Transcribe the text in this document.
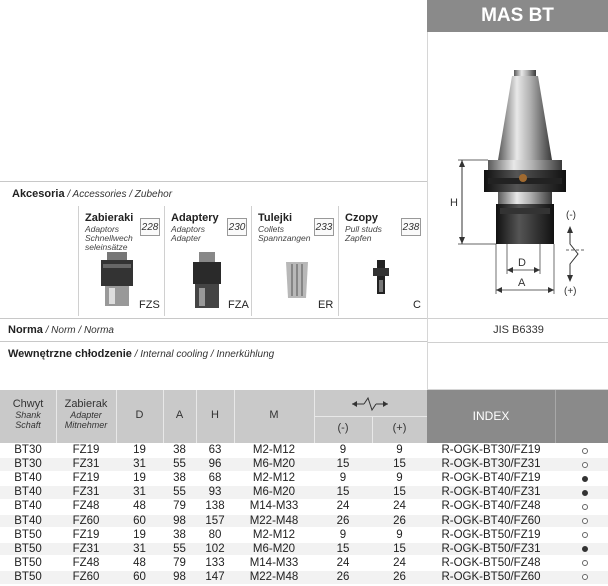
MAS BT
H
D
A
(-)
(+)
JIS B6339
Akcesoria / Accessories / Zubehor
Zabieraki
Adaptors
Schnellwech
seleinsätze
228
FZS
Adaptery
Adaptors
Adapter
230
FZA
Tulejki
Collets
Spannzangen
233
ER
Czopy
Pull studs
Zapfen
238
C
Norma / Norm / Norma
Wewnętrzne chłodzenie / Internal cooling / Innerkühlung
Chwyt
Shank
Schaft
Zabierak
Adapter
Mitnehmer
D	A	H	M
(-)	(+)
INDEX
BT30	FZ19	19	38	63	M2-M12	9	9	R-OGK-BT30/FZ19
BT30	FZ31	31	55	96	M6-M20	15	15	R-OGK-BT30/FZ31
BT40	FZ19	19	38	68	M2-M12	9	9	R-OGK-BT40/FZ19
BT40	FZ31	31	55	93	M6-M20	15	15	R-OGK-BT40/FZ31
BT40	FZ48	48	79	138	M14-M33	24	24	R-OGK-BT40/FZ48
BT40	FZ60	60	98	157	M22-M48	26	26	R-OGK-BT40/FZ60
BT50	FZ19	19	38	80	M2-M12	9	9	R-OGK-BT50/FZ19
BT50	FZ31	31	55	102	M6-M20	15	15	R-OGK-BT50/FZ31
BT50	FZ48	48	79	133	M14-M33	24	24	R-OGK-BT50/FZ48
BT50	FZ60	60	98	147	M22-M48	26	26	R-OGK-BT50/FZ60
